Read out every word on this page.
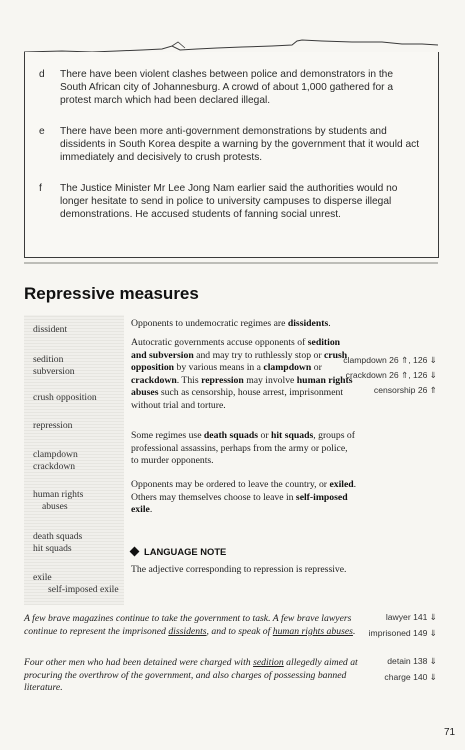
d There have been violent clashes between police and demonstrators in the South African city of Johannesburg. A crowd of about 1,000 gathered for a protest march which had been declared illegal.
e There have been more anti-government demonstrations by students and dissidents in South Korea despite a warning by the government that it would act immediately and decisively to crush protests.
f The Justice Minister Mr Lee Jong Nam earlier said the authorities would no longer hesitate to send in police to university campuses to disperse illegal demonstrations. He accused students of fanning social unrest.
Repressive measures
dissident
sedition
subversion
crush opposition
repression
clampdown
crackdown
human rights
abuses
death squads
hit squads
exile
self-imposed exile
Opponents to undemocratic regimes are dissidents.
Autocratic governments accuse opponents of sedition and subversion and may try to ruthlessly stop or crush opposition by various means in a clampdown or crackdown. This repression may involve human rights abuses such as censorship, house arrest, imprisonment without trial and torture.
Some regimes use death squads or hit squads, groups of professional assassins, perhaps from the army or police, to murder opponents.
Opponents may be ordered to leave the country, or exiled. Others may themselves choose to leave in self-imposed exile.
clampdown 26 ⇑, 126 ⇓
crackdown 26 ⇑, 126 ⇓
censorship 26 ⇑
LANGUAGE NOTE
The adjective corresponding to repression is repressive.
A few brave magazines continue to take the government to task. A few brave lawyers continue to represent the imprisoned dissidents, and to speak of human rights abuses.
Four other men who had been detained were charged with sedition allegedly aimed at procuring the overthrow of the government, and also charges of possessing banned literature.
lawyer 141 ⇓
imprisoned 149 ⇓
detain 138 ⇓
charge 140 ⇓
71
